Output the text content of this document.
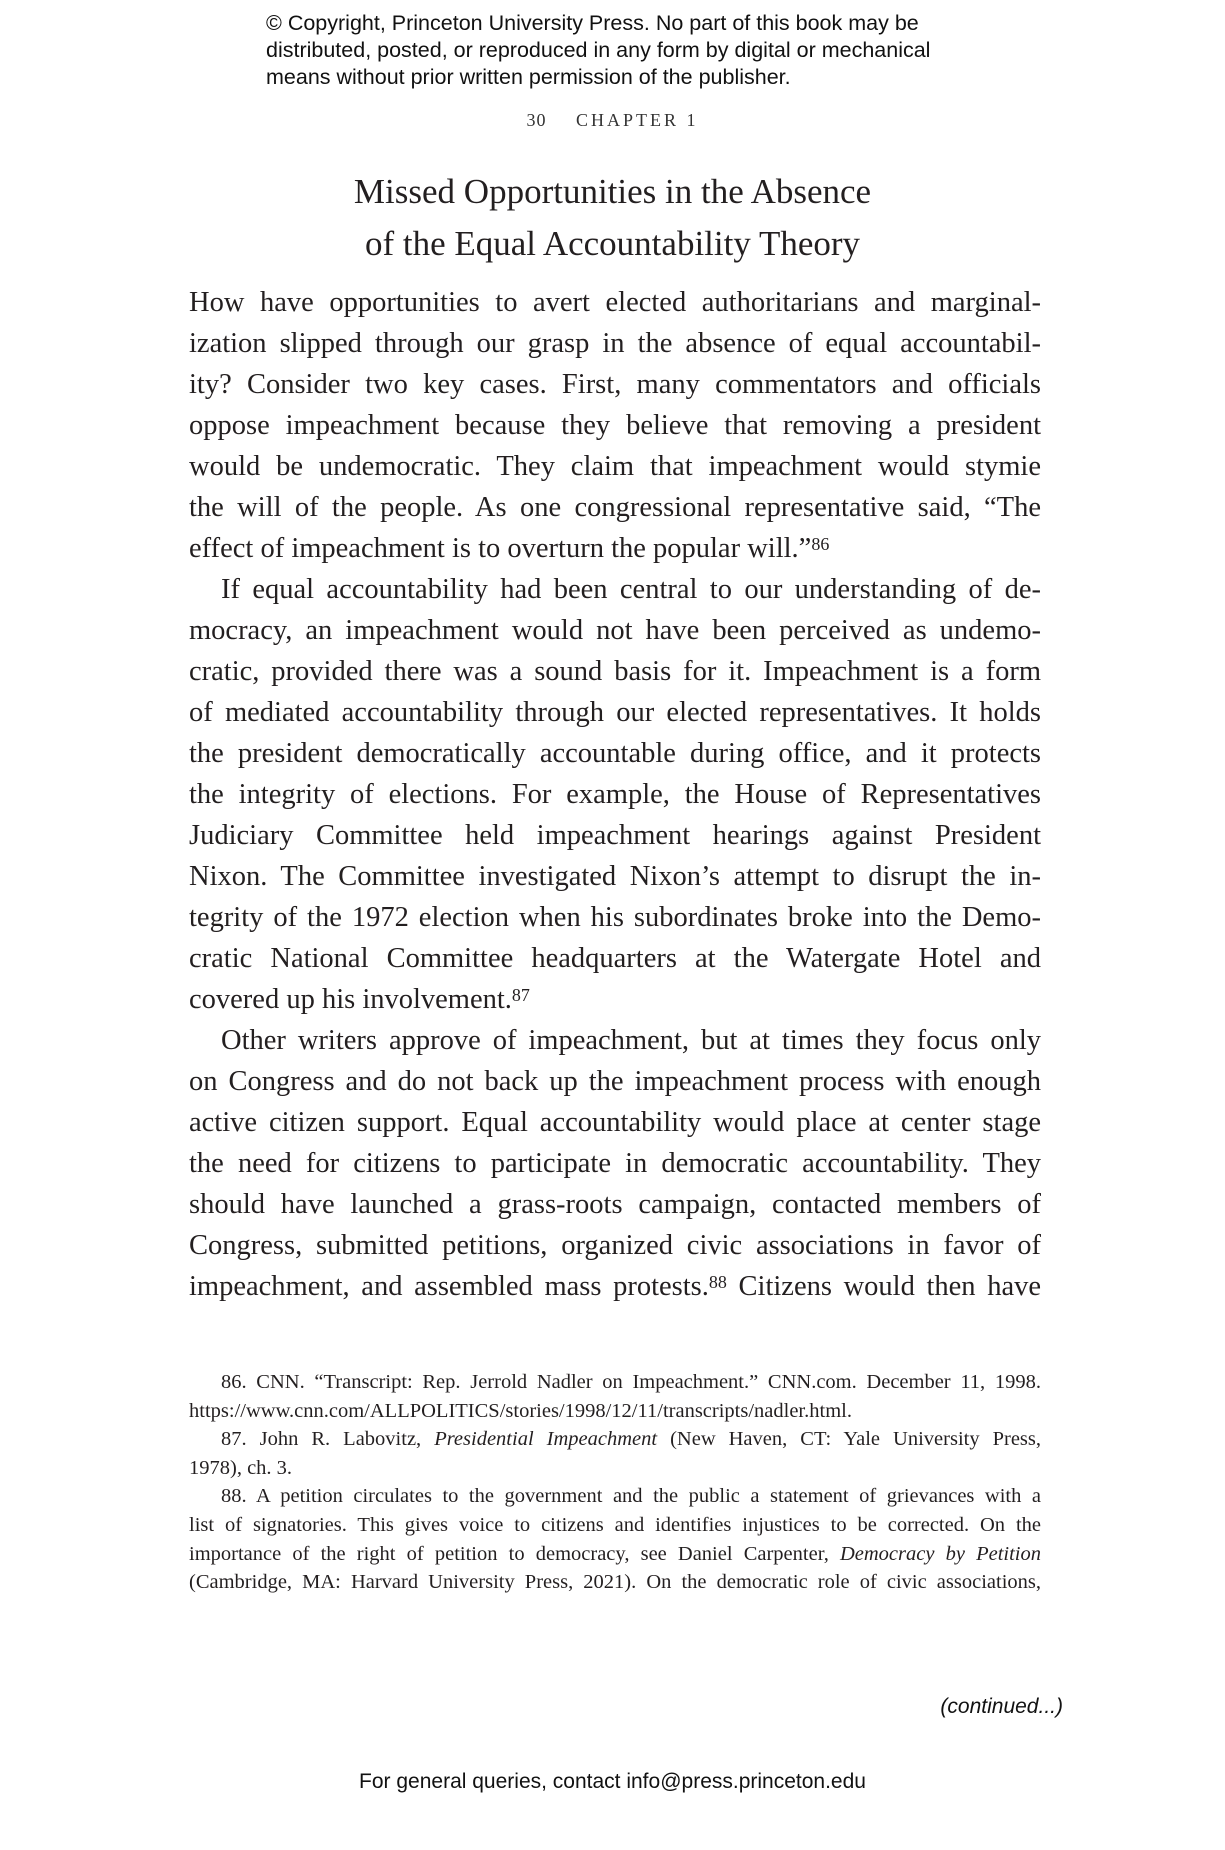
© Copyright, Princeton University Press. No part of this book may be
distributed, posted, or reproduced in any form by digital or mechanical
means without prior written permission of the publisher.
30 CHAPTER 1
Missed Opportunities in the Absence
of the Equal Accountability Theory
How have opportunities to avert elected authoritarians and marginal-
ization slipped through our grasp in the absence of equal accountabil-
ity? Consider two key cases. First, many commentators and officials
oppose impeachment because they believe that removing a president
would be undemocratic. They claim that impeachment would stymie
the will of the people. As one congressional representative said, “The
effect of impeachment is to overturn the popular will.”$^{86}$
If equal accountability had been central to our understanding of de-
mocracy, an impeachment would not have been perceived as undemo-
cratic, provided there was a sound basis for it. Impeachment is a form
of mediated accountability through our elected representatives. It holds
the president democratically accountable during office, and it protects
the integrity of elections. For example, the House of Representatives
Judiciary Committee held impeachment hearings against President
Nixon. The Committee investigated Nixon’s attempt to disrupt the in-
tegrity of the 1972 election when his subordinates broke into the Demo-
cratic National Committee headquarters at the Watergate Hotel and
covered up his involvement.$^{87}$
Other writers approve of impeachment, but at times they focus only
on Congress and do not back up the impeachment process with enough
active citizen support. Equal accountability would place at center stage
the need for citizens to participate in democratic accountability. They
should have launched a grass-roots campaign, contacted members of
Congress, submitted petitions, organized civic associations in favor of
impeachment, and assembled mass protests.$^{88}$ Citizens would then have
86. CNN. “Transcript: Rep. Jerrold Nadler on Impeachment.” CNN.com. December 11, 1998.
https://www.cnn.com/ALLPOLITICS/stories/1998/12/11/transcripts/nadler.html.
87. John R. Labovitz, Presidential Impeachment (New Haven, CT: Yale University Press,
1978), ch. 3.
88. A petition circulates to the government and the public a statement of grievances with a
list of signatories. This gives voice to citizens and identifies injustices to be corrected. On the
importance of the right of petition to democracy, see Daniel Carpenter, Democracy by Petition
(Cambridge, MA: Harvard University Press, 2021). On the democratic role of civic associations,
(continued...)
For general queries, contact info@press.princeton.edu
